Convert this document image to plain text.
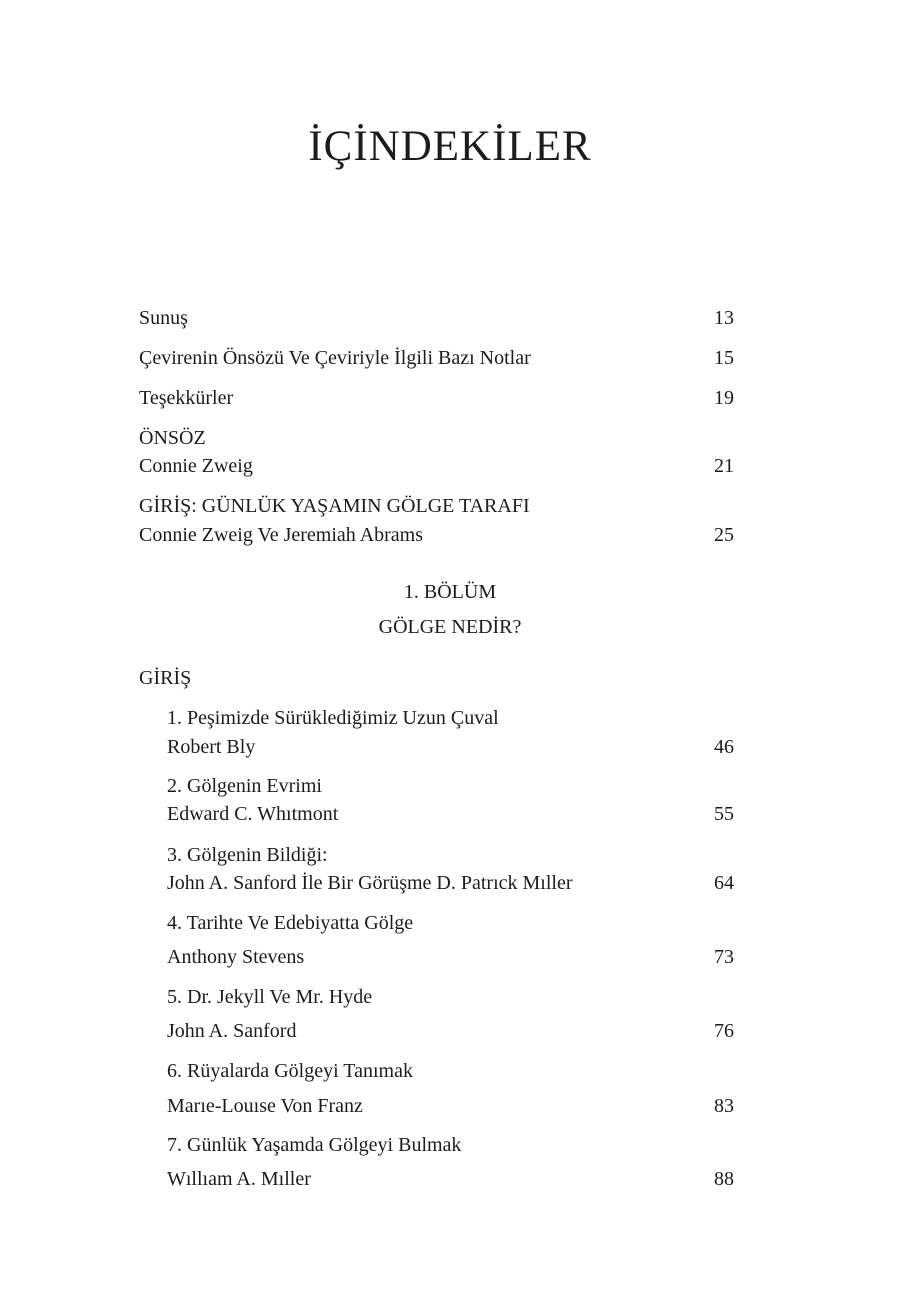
İÇİNDEKİLER
Sunuş	13
Çevirenin Önsözü Ve Çeviriyle İlgili Bazı Notlar	15
Teşekkürler	19
ÖNSÖZ
Connie Zweig	21
GİRİŞ: GÜNLÜK YAŞAMIN GÖLGE TARAFI
Connie Zweig Ve Jeremiah Abrams	25
1. BÖLÜM
GÖLGE NEDİR?
GİRİŞ
1. Peşimizde Sürüklediğimiz Uzun Çuval
Robert Bly	46
2. Gölgenin Evrimi
Edward C. Whıtmont	55
3. Gölgenin Bildiği:
John A. Sanford İle Bir Görüşme D. Patrıck Mıller	64
4. Tarihte Ve Edebiyatta Gölge
Anthony Stevens	73
5. Dr. Jekyll Ve Mr. Hyde
John A. Sanford	76
6. Rüyalarda Gölgeyi Tanımak
Marıe-Louıse Von Franz	83
7. Günlük Yaşamda Gölgeyi Bulmak
Wıllıam A. Mıller	88
